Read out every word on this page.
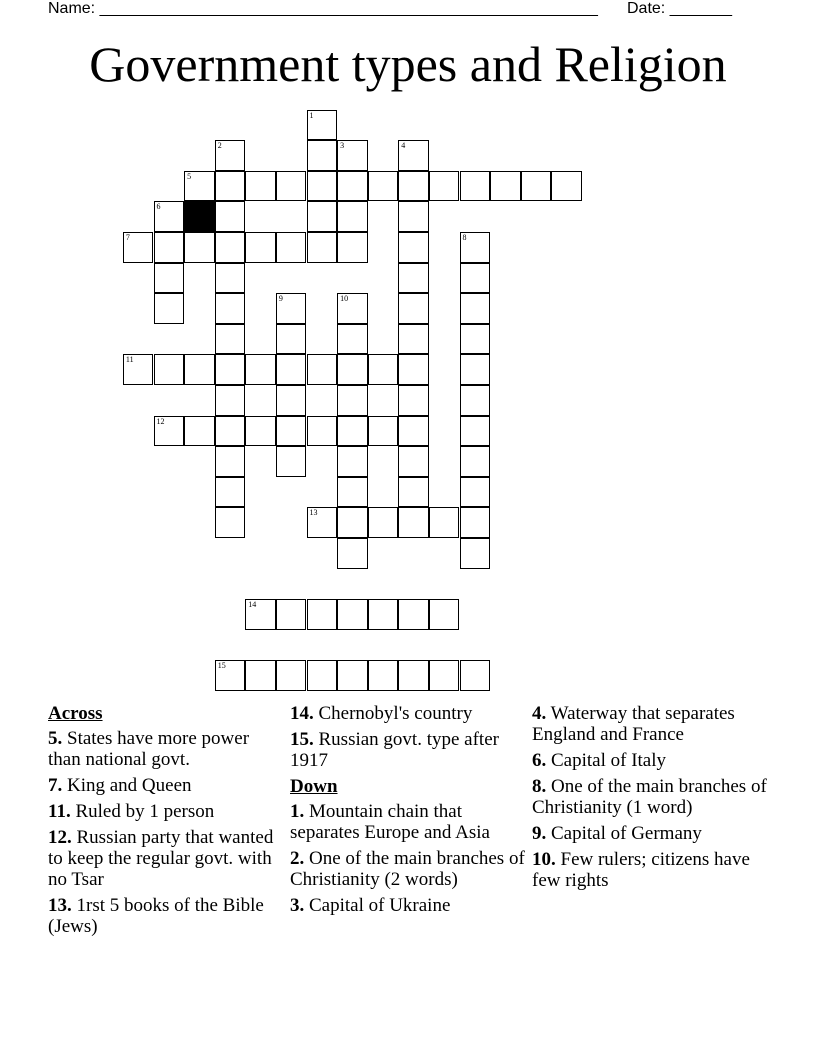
Name: ________________________________________________________ Date: _______
Government types and Religion
1
2	3	4
5
6
7	8
9	10
11
12
13
14
15
Across
5. States have more power than national govt.
7. King and Queen
11. Ruled by 1 person
12. Russian party that wanted to keep the regular govt. with no Tsar
13. 1rst 5 books of the Bible (Jews)
14. Chernobyl's country
15. Russian govt. type after 1917
Down
1. Mountain chain that separates Europe and Asia
2. One of the main branches of Christianity (2 words)
3. Capital of Ukraine
4. Waterway that separates England and France
6. Capital of Italy
8. One of the main branches of Christianity (1 word)
9. Capital of Germany
10. Few rulers; citizens have few rights
